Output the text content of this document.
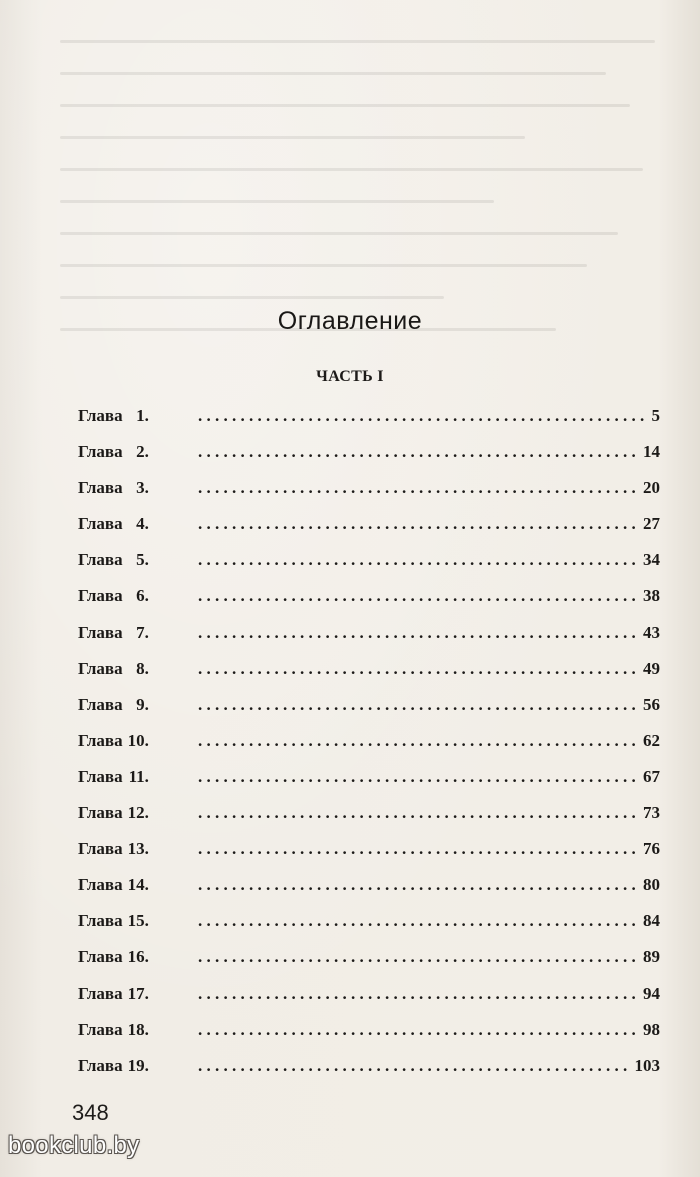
Оглавление
ЧАСТЬ I
Глава 1. . . .	5
Глава 2. . . .	14
Глава 3. . . .	20
Глава 4. . . .	27
Глава 5. . . .	34
Глава 6. . . .	38
Глава 7. . . .	43
Глава 8. . . .	49
Глава 9. . . .	56
Глава 10. . . .	62
Глава 11. . . .	67
Глава 12. . . .	73
Глава 13. . . .	76
Глава 14. . . .	80
Глава 15. . . .	84
Глава 16. . . .	89
Глава 17. . . .	94
Глава 18. . . .	98
Глава 19. . . .	103

348

bookclub.by
